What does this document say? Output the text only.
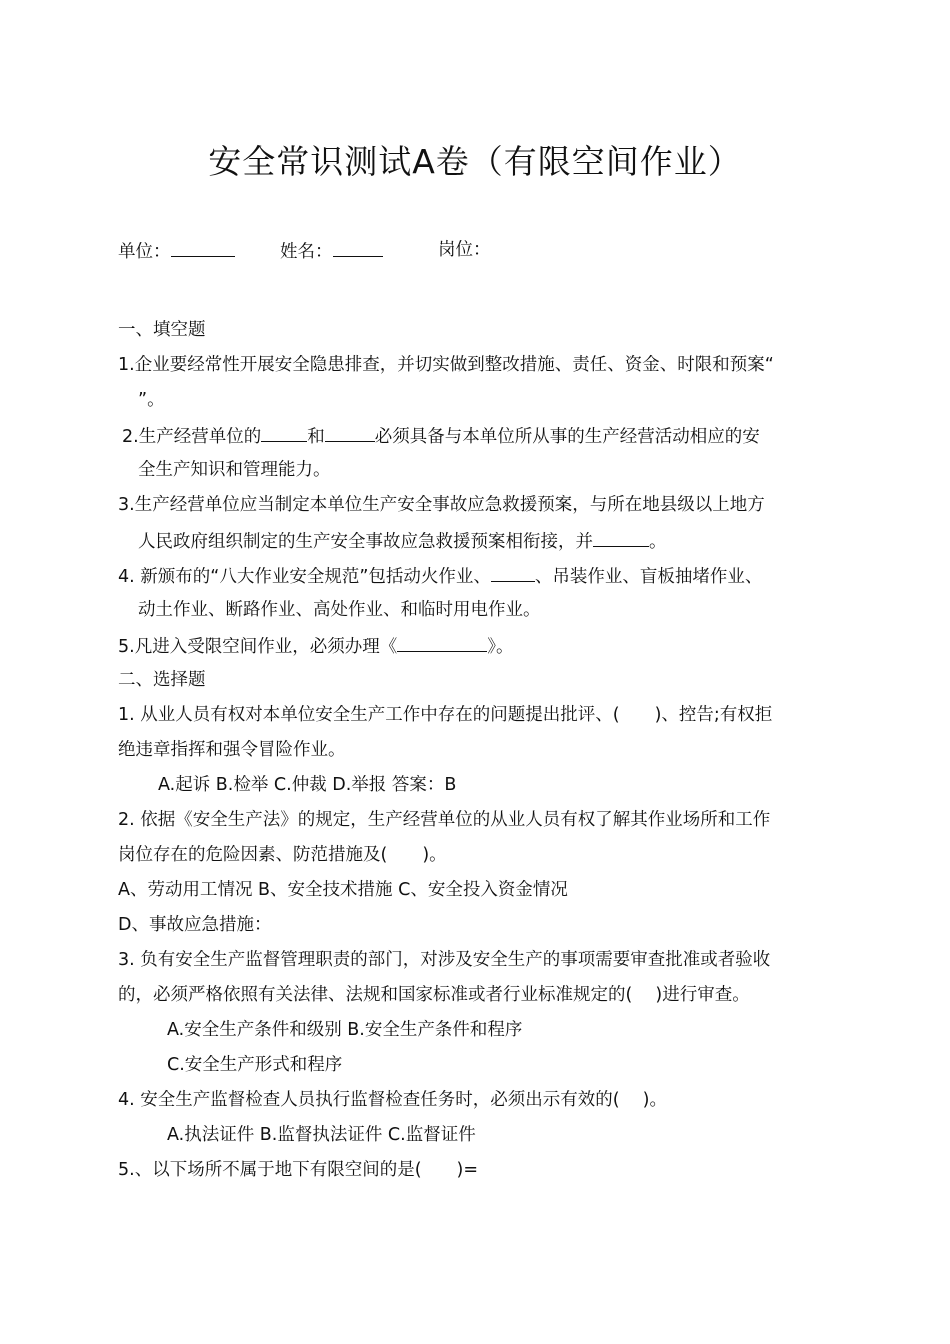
安全常识测试A卷（有限空间作业）
单位：	姓名：	岗位：
一、填空题
1.企业要经常性开展安全隐患排查，并切实做到整改措施、责任、资金、时限和预案“
”。
2.生产经营单位的	和	必须具备与本单位所从事的生产经营活动相应的安
全生产知识和管理能力。
3.生产经营单位应当制定本单位生产安全事故应急救援预案，与所在地县级以上地方
人民政府组织制定的生产安全事故应急救援预案相衔接，并	。
4. 新颁布的“八大作业安全规范”包括动火作业、	、吊装作业、盲板抽堵作业、
动土作业、断路作业、高处作业、和临时用电作业。
5.凡进入受限空间作业，必须办理《	》。
二、选择题
1. 从业人员有权对本单位安全生产工作中存在的问题提出批评、(　　)、控告;有权拒
绝违章指挥和强令冒险作业。
A.起诉 B.检举 C.仲裁 D.举报 答案：B
2. 依据《安全生产法》的规定，生产经营单位的从业人员有权了解其作业场所和工作
岗位存在的危险因素、防范措施及(　　)。
A、劳动用工情况 B、安全技术措施 C、安全投入资金情况
D、事故应急措施：
3. 负有安全生产监督管理职责的部门，对涉及安全生产的事项需要审查批准或者验收
的，必须严格依照有关法律、法规和国家标准或者行业标准规定的(　 )进行审查。
A.安全生产条件和级别 B.安全生产条件和程序
C.安全生产形式和程序
4. 安全生产监督检查人员执行监督检查任务时，必须出示有效的(　 )。
A.执法证件 B.监督执法证件 C.监督证件
5.、以下场所不属于地下有限空间的是(　　)=
